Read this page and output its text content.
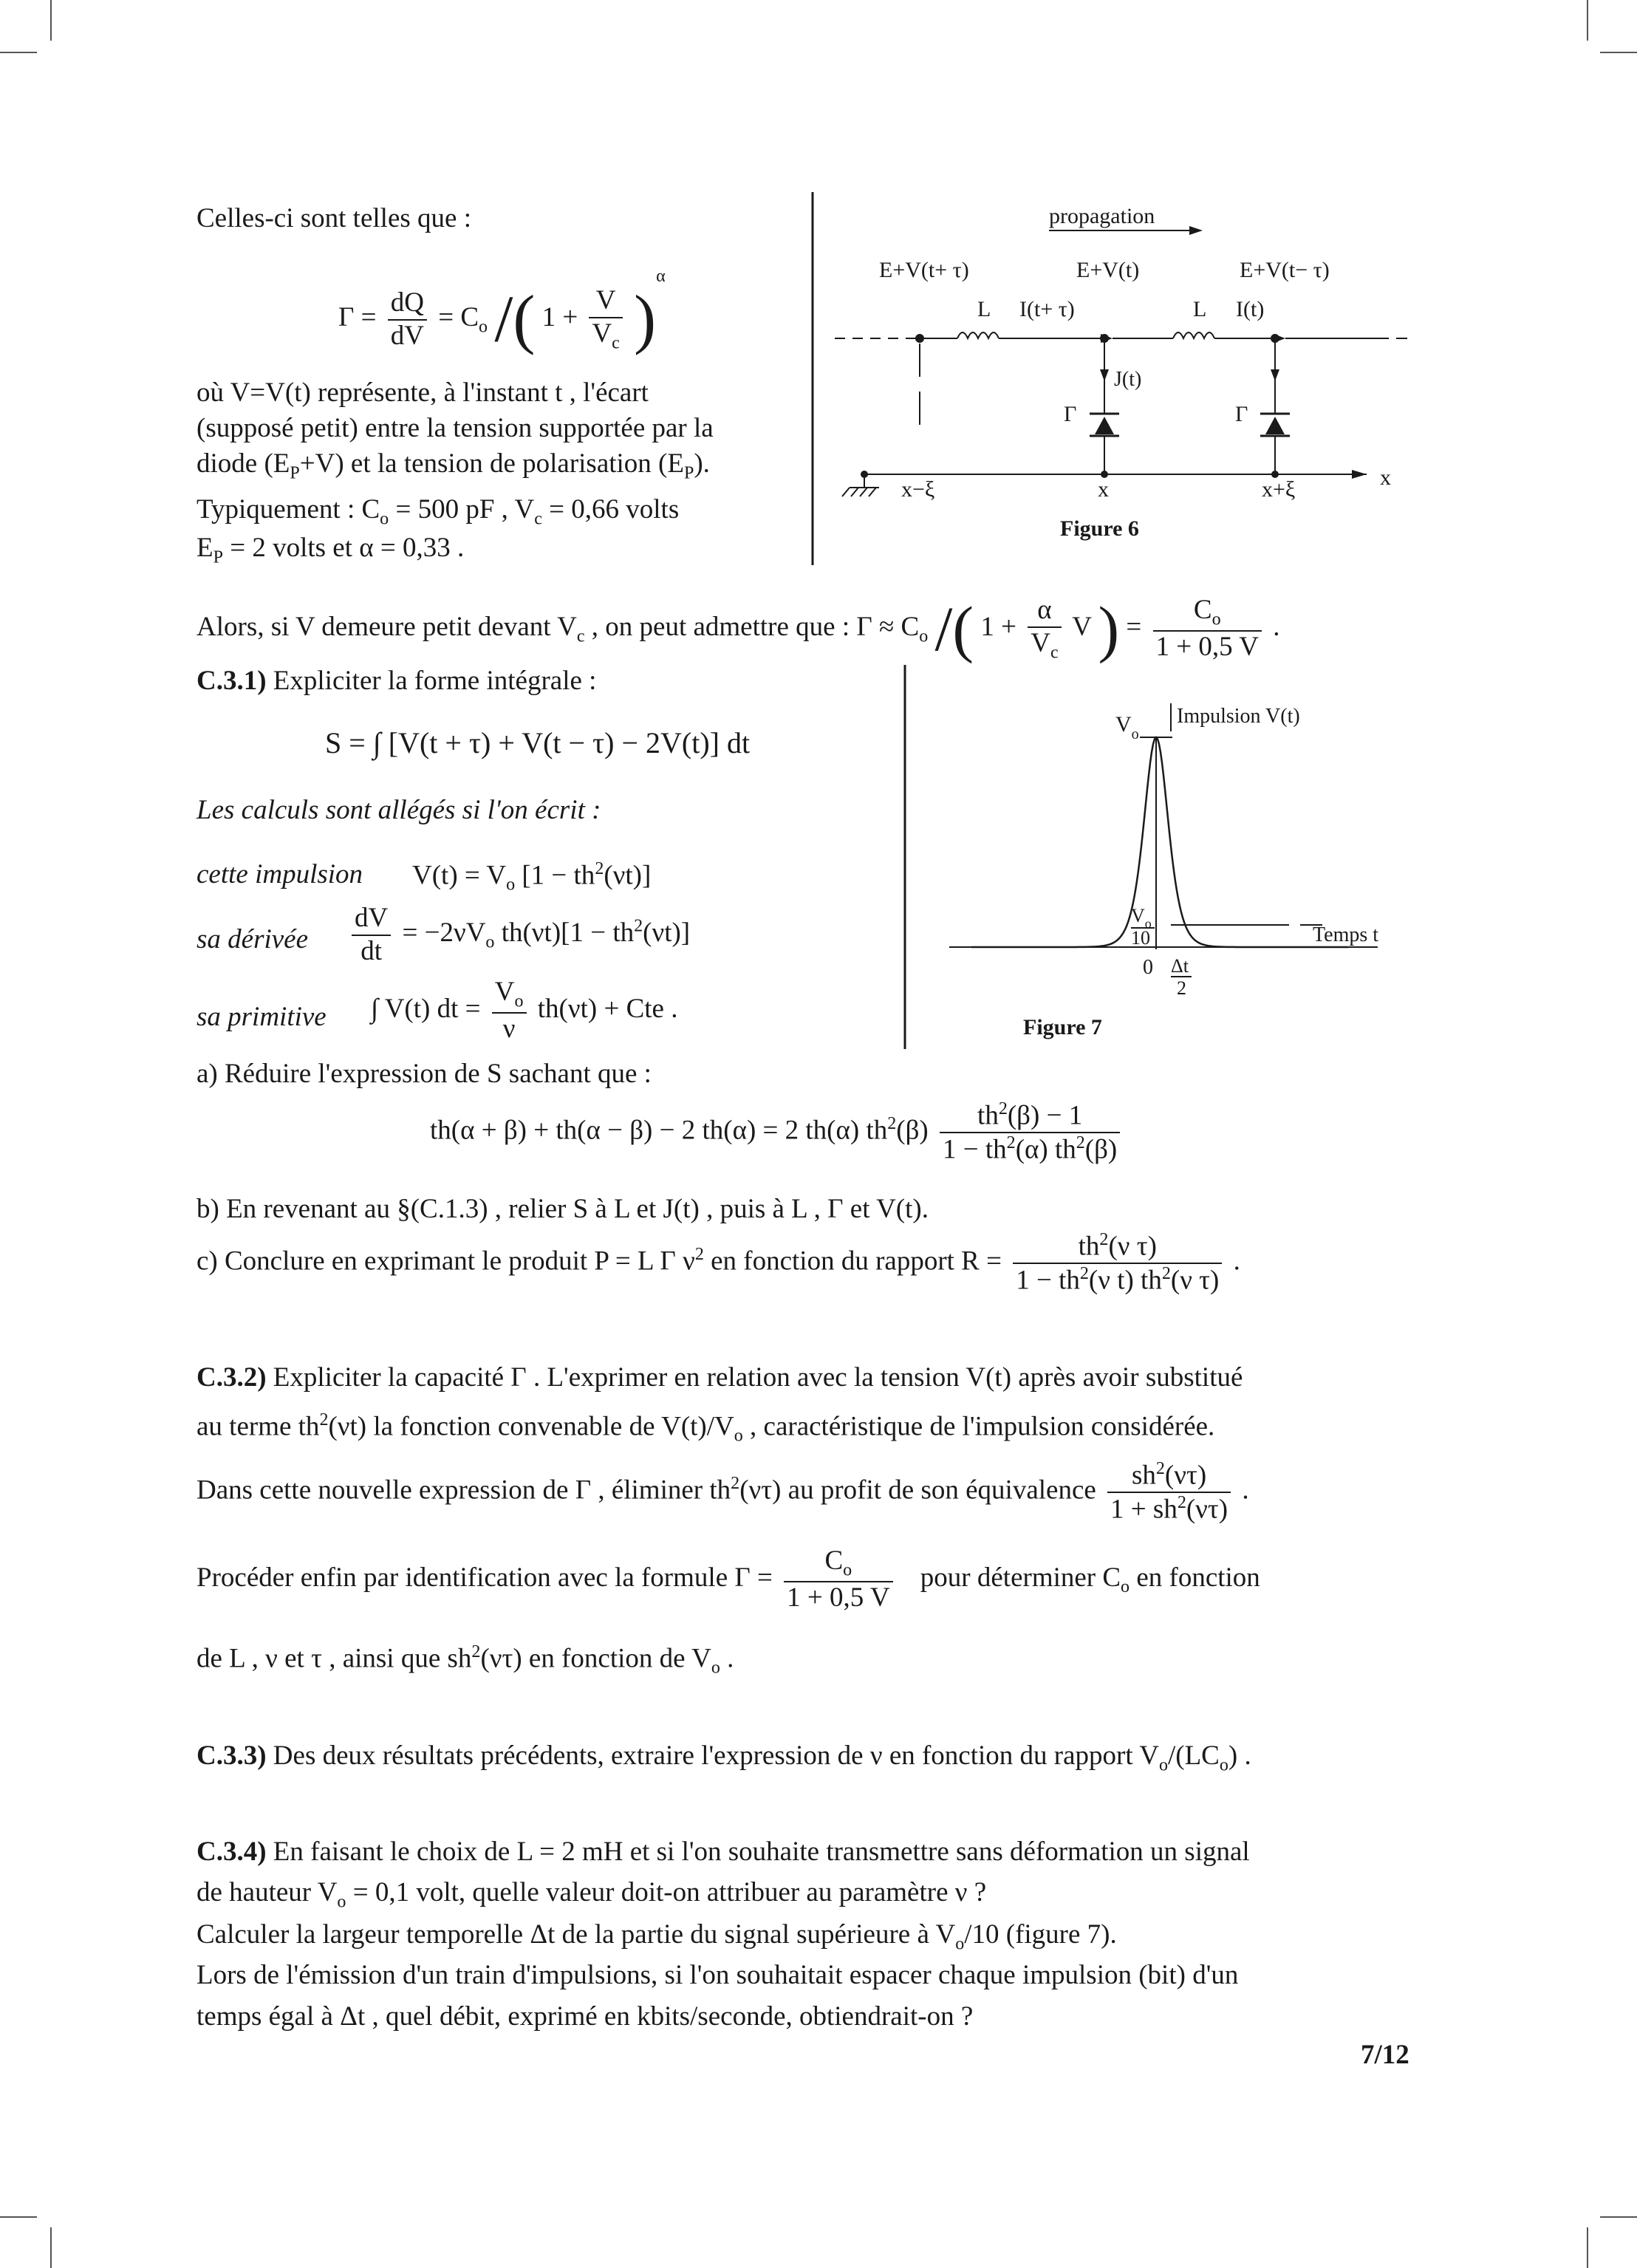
Celles-ci sont telles que :
$\Gamma = \frac{dQ}{dV} = C_o$ /( $1 + \frac{V}{V_c} )^\alpha$
où V=V(t) représente, à l'instant t , l'écart
(supposé petit) entre la tension supportée par la
diode $(E_P+V)$ et la tension de polarisation $(E_P)$.
Typiquement : $C_o = 500$ pF , $V_c = 0,66$ volts
$E_P = 2$ volts et α = 0,33 .
propagation
E+V(t+ τ)	E+V(t)	E+V(t− τ)
L I(t+ τ)	L I(t)
J(t)
Γ	Γ
x−ξ	x	x+ξ	x
Figure 6
Alors, si V demeure petit devant $V_c$ , on peut admettre que : $\Gamma \approx C_o$ /( $1 + \frac{\alpha}{V_c}$ V ) = $\frac{C_o}{1 + 0,5 V}$ .
C.3.1) Expliciter la forme intégrale :
S = ∫ [V(t + τ) + V(t − τ) − 2V(t)] dt
Les calculs sont allégés si l'on écrit :
cette impulsion $V(t) = V_o$ $[1 - th^2(\nu t)]$
sa dérivée $\frac{dV}{dt} = -2\nu V_o$ $th(\nu t)[1 - th^2(\nu t)]$
sa primitive ∫ V(t) dt = $\frac{V_o}{\nu} th(\nu t)$ + Cte .
a) Réduire l'expression de S sachant que :
th(α + β) + th(α − β) − 2 th(α) = 2 th(α) $th^2(\beta) \frac{th^2(\beta) - 1}{1 - th^2(\alpha) th^2(\beta)}$
b) En revenant au §(C.1.3) , relier S à L et J(t) , puis à L , Γ et V(t).
c) Conclure en exprimant le produit P = L Γ $\nu^2$ en fonction du rapport $R = \frac{th^2(\nu \tau)}{1 - th^2(\nu t) th^2(\nu \tau)}$ .
$V_o$
Impulsion V(t)
$V_o$
10
0 Δt
2
Temps t
Figure 7
C.3.2) Expliciter la capacité Γ . L'exprimer en relation avec la tension V(t) après avoir substitué
au terme $th^2(\nu t)$ la fonction convenable de $V(t)/V_o$ , caractéristique de l'impulsion considérée.
Dans cette nouvelle expression de Γ , éliminer $th^2(\nu\tau)$ au profit de son équivalence $\frac{sh^2(\nu\tau)}{1 + sh^2(\nu\tau)}$ .
Procéder enfin par identification avec la formule $\Gamma = \frac{C_o}{1 + 0,5 V}$ pour déterminer $C_o$ en fonction
de L , ν et τ , ainsi que $sh^2(\nu\tau)$ en fonction de $V_o$ .
C.3.3) Des deux résultats précédents, extraire l'expression de ν en fonction du rapport $V_o/(LC_o)$ .
C.3.4) En faisant le choix de L = 2 mH et si l'on souhaite transmettre sans déformation un signal
de hauteur $V_o = 0,1$ volt, quelle valeur doit-on attribuer au paramètre ν ?
Calculer la largeur temporelle Δt de la partie du signal supérieure à $V_o/10$ (figure 7).
Lors de l'émission d'un train d'impulsions, si l'on souhaitait espacer chaque impulsion (bit) d'un
temps égal à Δt , quel débit, exprimé en kbits/seconde, obtiendrait-on ?
7/12
